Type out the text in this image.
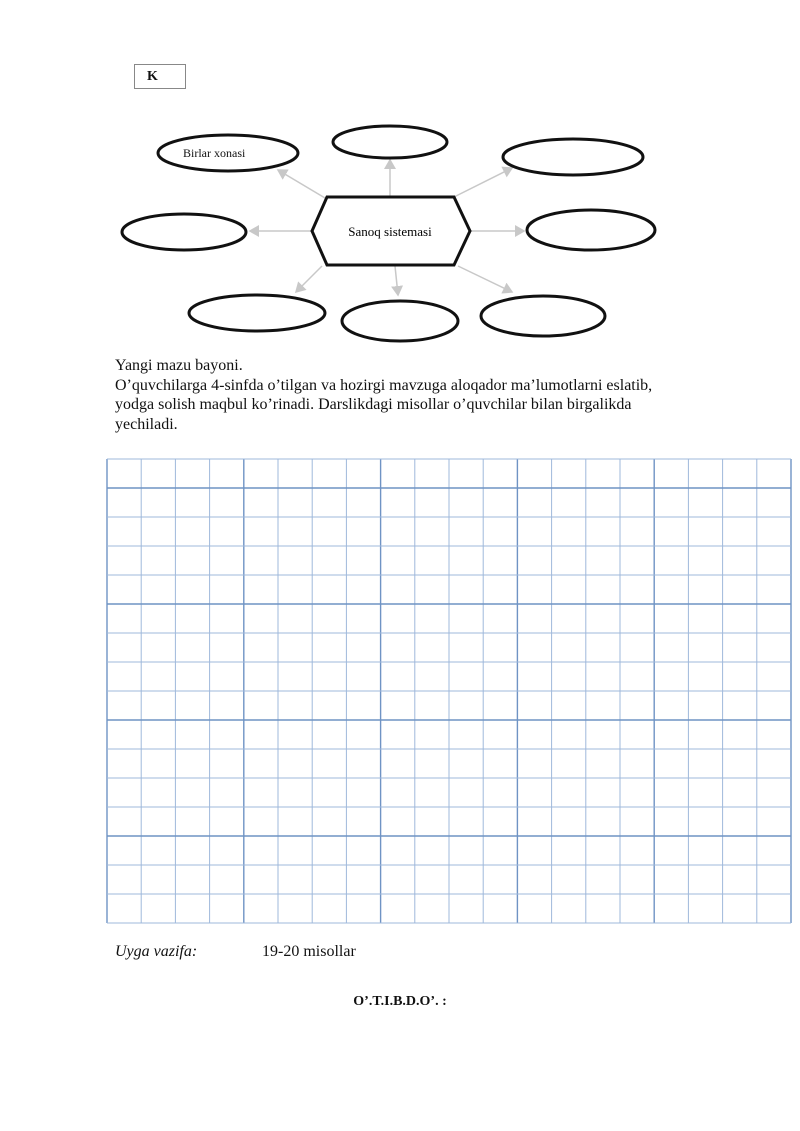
K
Sanoq sistemasi
Birlar xonasi

Yangi mazu bayoni.

O’quvchilarga 4-sinfda o’tilgan va hozirgi mavzuga aloqador ma’lumotlarni eslatib,

yodga solish maqbul ko’rinadi. Darslikdagi misollar o’quvchilar bilan birgalikda

yechiladi.

Uyga vazifa:	19-20 misollar
O’.T.I.B.D.O’. :
